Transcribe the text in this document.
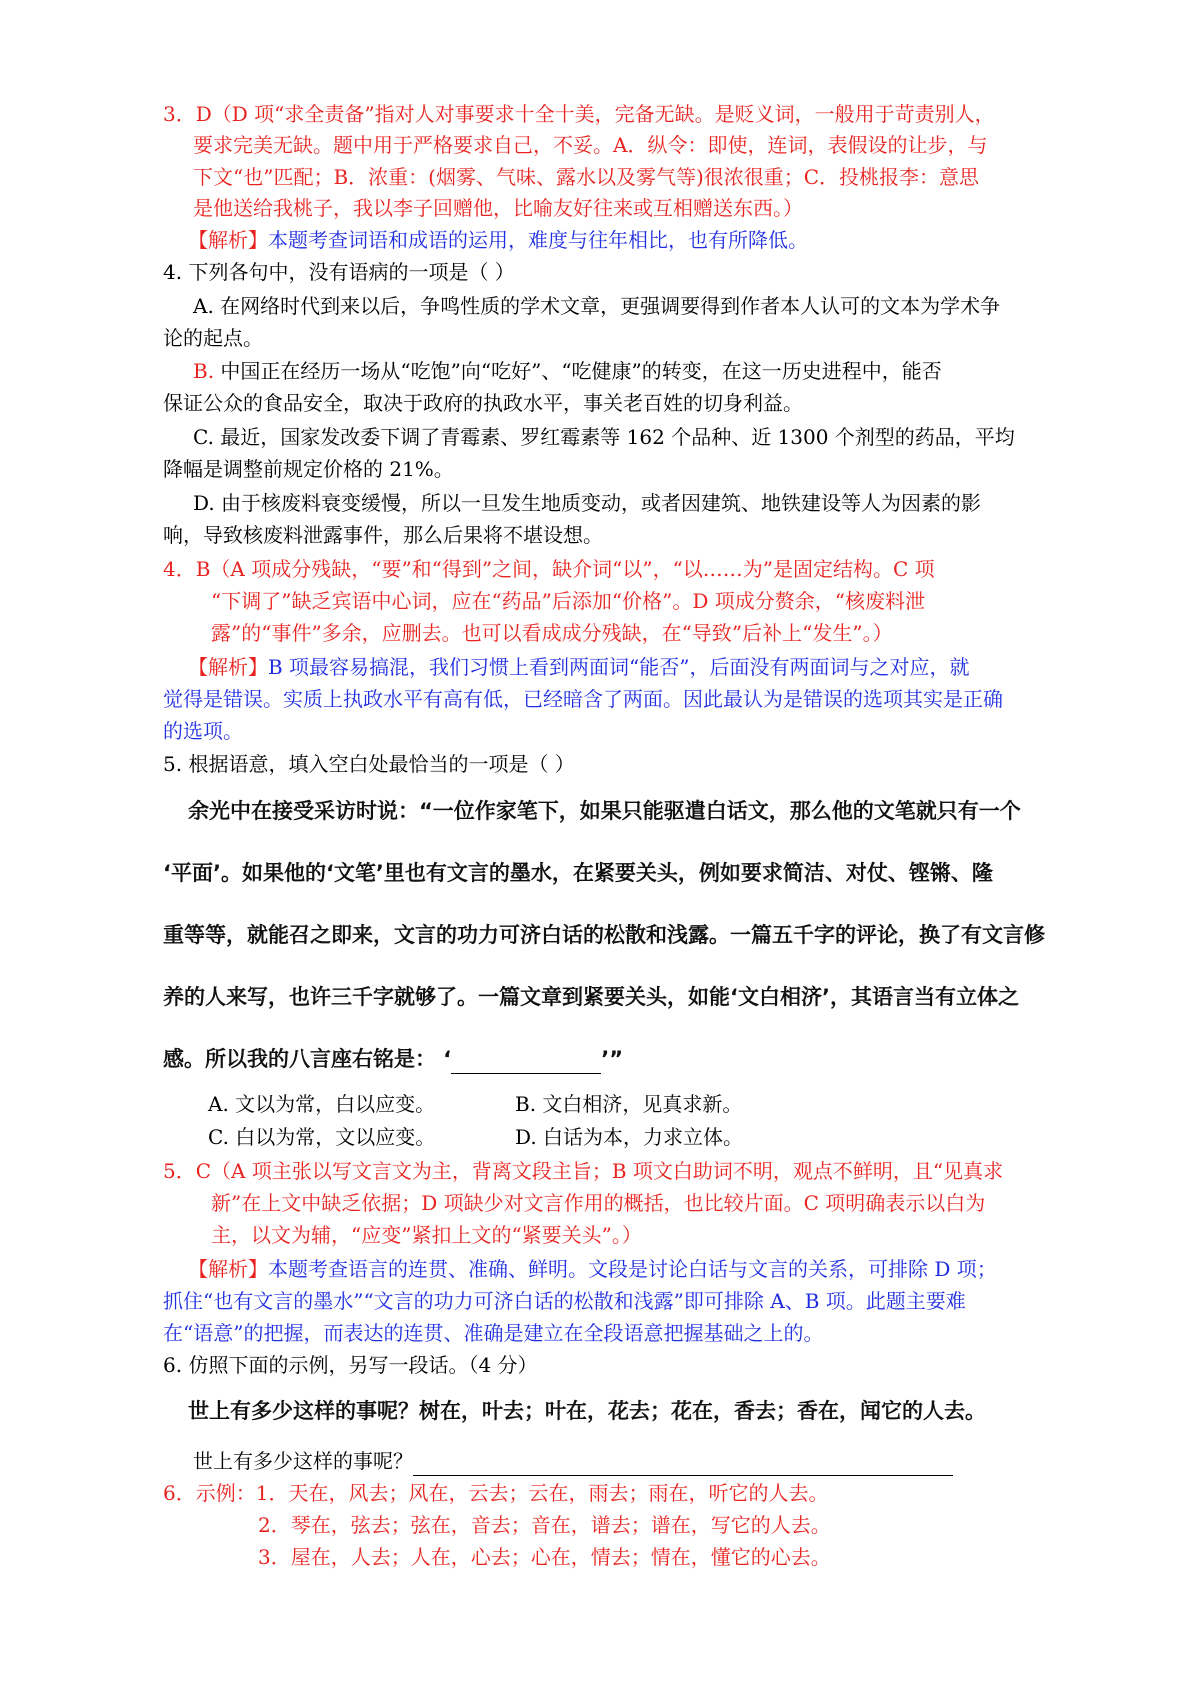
3．D（D 项“求全责备”指对人对事要求十全十美，完备无缺。是贬义词，一般用于苛责别人，
要求完美无缺。题中用于严格要求自己，不妥。A．纵令：即使，连词，表假设的让步，与
下文“也”匹配；B．浓重：(烟雾、气味、露水以及雾气等)很浓很重；C．投桃报李：意思
是他送给我桃子，我以李子回赠他，比喻友好往来或互相赠送东西。）
【解析】本题考查词语和成语的运用，难度与往年相比，也有所降低。
4. 下列各句中，没有语病的一项是（ ）
A. 在网络时代到来以后，争鸣性质的学术文章，更强调要得到作者本人认可的文本为学术争
论的起点。
B. 中国正在经历一场从“吃饱”向“吃好”、“吃健康”的转变，在这一历史进程中，能否
保证公众的食品安全，取决于政府的执政水平，事关老百姓的切身利益。
C. 最近，国家发改委下调了青霉素、罗红霉素等 162 个品种、近 1300 个剂型的药品，平均
降幅是调整前规定价格的 21%。
D. 由于核废料衰变缓慢，所以一旦发生地质变动，或者因建筑、地铁建设等人为因素的影
响，导致核废料泄露事件，那么后果将不堪设想。
4．B（A 项成分残缺，“要”和“得到”之间，缺介词“以”，“以……为”是固定结构。C 项
“下调了”缺乏宾语中心词，应在“药品”后添加“价格”。D 项成分赘余，“核废料泄
露”的“事件”多余，应删去。也可以看成成分残缺，在“导致”后补上“发生”。）
【解析】B 项最容易搞混，我们习惯上看到两面词“能否”，后面没有两面词与之对应，就
觉得是错误。实质上执政水平有高有低，已经暗含了两面。因此最认为是错误的选项其实是正确
的选项。
5. 根据语意，填入空白处最恰当的一项是（ ）
余光中在接受采访时说：“一位作家笔下，如果只能驱遣白话文，那么他的文笔就只有一个
‘平面’。如果他的‘文笔’里也有文言的墨水，在紧要关头，例如要求简洁、对仗、铿锵、隆
重等等，就能召之即来，文言的功力可济白话的松散和浅露。一篇五千字的评论，换了有文言修
养的人来写，也许三千字就够了。一篇文章到紧要关头，如能‘文白相济’，其语言当有立体之
感。所以我的八言座右铭是： ‘	’”
A. 文以为常，白以应变。	B. 文白相济，见真求新。
C. 白以为常，文以应变。	D. 白话为本，力求立体。
5．C（A 项主张以写文言文为主，背离文段主旨；B 项文白助词不明，观点不鲜明，且“见真求
新”在上文中缺乏依据；D 项缺少对文言作用的概括，也比较片面。C 项明确表示以白为
主，以文为辅，“应变”紧扣上文的“紧要关头”。）
【解析】本题考查语言的连贯、准确、鲜明。文段是讨论白话与文言的关系，可排除 D 项；
抓住“也有文言的墨水”“文言的功力可济白话的松散和浅露”即可排除 A、B 项。此题主要难
在“语意”的把握，而表达的连贯、准确是建立在全段语意把握基础之上的。
6. 仿照下面的示例，另写一段话。（4 分）
世上有多少这样的事呢？树在，叶去；叶在，花去；花在，香去；香在，闻它的人去。
世上有多少这样的事呢？
6．示例：1．天在，风去；风在，云去；云在，雨去；雨在，听它的人去。
2．琴在，弦去；弦在，音去；音在，谱去；谱在，写它的人去。
3．屋在，人去；人在，心去；心在，情去；情在，懂它的心去。
